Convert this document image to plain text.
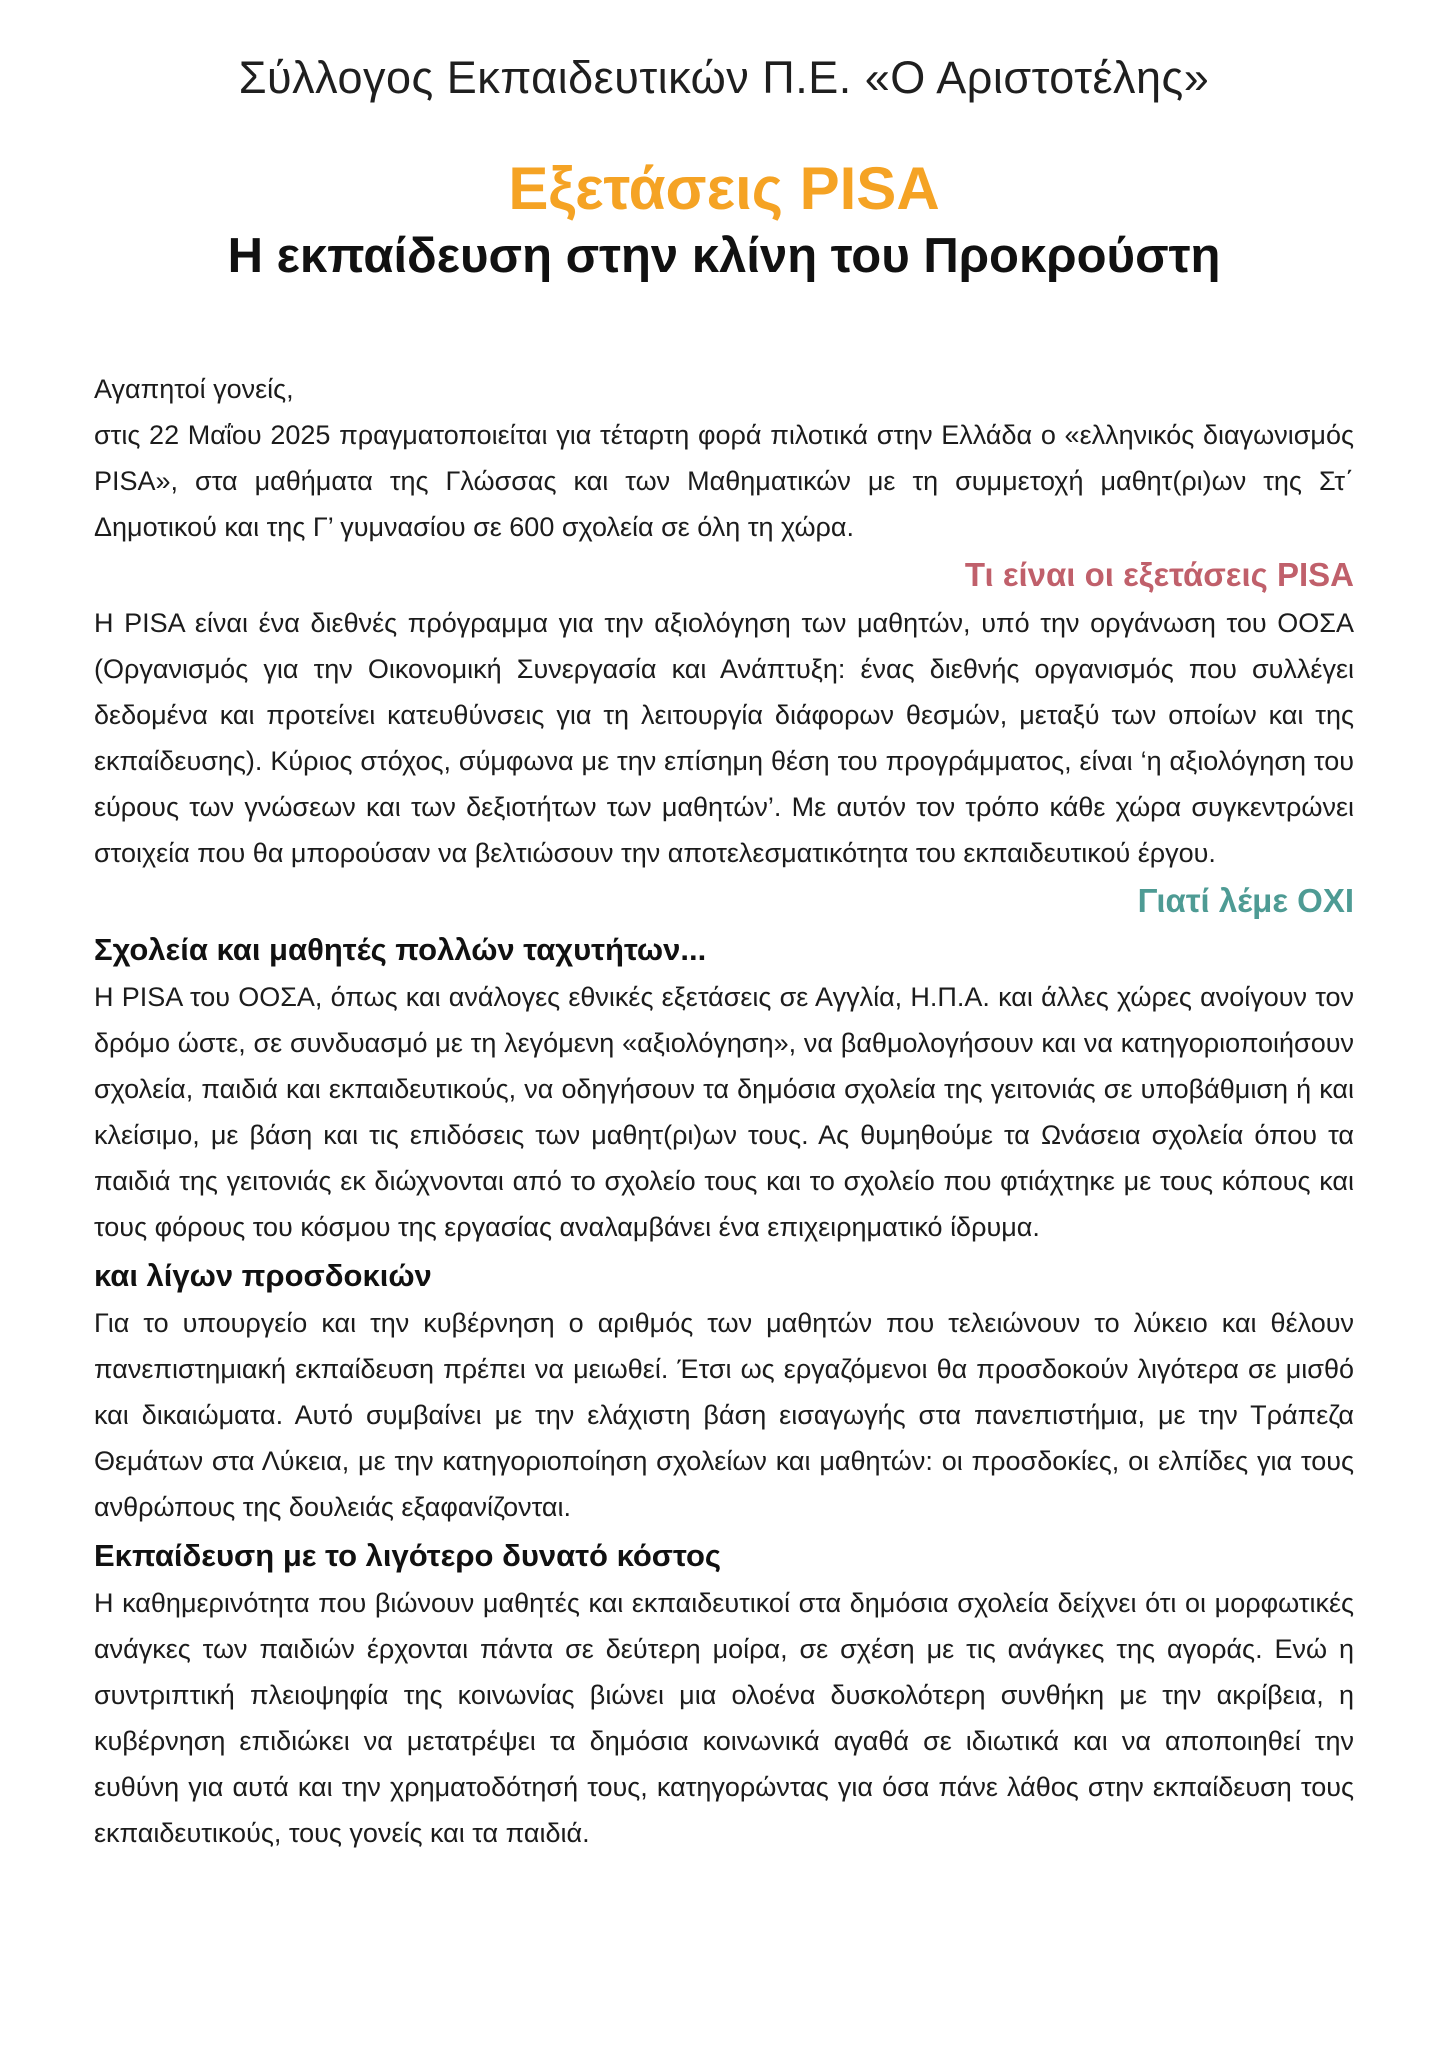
Σύλλογος Εκπαιδευτικών Π.Ε. «Ο Αριστοτέλης»
Εξετάσεις PISA
Η εκπαίδευση στην κλίνη του Προκρούστη

Αγαπητοί γονείς,

στις 22 Μαΐου 2025 πραγματοποιείται για τέταρτη φορά πιλοτικά στην Ελλάδα ο «ελληνικός διαγωνισμός PISA», στα μαθήματα της Γλώσσας και των Μαθηματικών με τη συμμετοχή μαθητ(ρι)ων της Στ΄ Δημοτικού και της Γ’ γυμνασίου σε 600 σχολεία σε όλη τη χώρα.

Τι είναι οι εξετάσεις PISA

Η PISA είναι ένα διεθνές πρόγραμμα για την αξιολόγηση των μαθητών, υπό την οργάνωση του ΟΟΣΑ (Οργανισμός για την Οικονομική Συνεργασία και Ανάπτυξη: ένας διεθνής οργανισμός που συλλέγει δεδομένα και προτείνει κατευθύνσεις για τη λειτουργία διάφορων θεσμών, μεταξύ των οποίων και της εκπαίδευσης). Κύριος στόχος, σύμφωνα με την επίσημη θέση του προγράμματος, είναι ‘η αξιολόγηση του εύρους των γνώσεων και των δεξιοτήτων των μαθητών’. Με αυτόν τον τρόπο κάθε χώρα συγκεντρώνει στοιχεία που θα μπορούσαν να βελτιώσουν την αποτελεσματικότητα του εκπαιδευτικού έργου.

Γιατί λέμε ΟΧΙ
Σχολεία και μαθητές πολλών ταχυτήτων...

Η PISA του ΟΟΣΑ, όπως και ανάλογες εθνικές εξετάσεις σε Αγγλία, Η.Π.Α. και άλλες χώρες ανοίγουν τον δρόμο ώστε, σε συνδυασμό με τη λεγόμενη «αξιολόγηση», να βαθμολογήσουν και να κατηγοριοποιήσουν σχολεία, παιδιά και εκπαιδευτικούς, να οδηγήσουν τα δημόσια σχολεία της γειτονιάς σε υποβάθμιση ή και κλείσιμο, με βάση και τις επιδόσεις των μαθητ(ρι)ων τους. Ας θυμηθούμε τα Ωνάσεια σχολεία όπου τα παιδιά της γειτονιάς εκ διώχνονται από το σχολείο τους και το σχολείο που φτιάχτηκε με τους κόπους και τους φόρους του κόσμου της εργασίας αναλαμβάνει ένα επιχειρηματικό ίδρυμα.

και λίγων προσδοκιών

Για το υπουργείο και την κυβέρνηση ο αριθμός των μαθητών που τελειώνουν το λύκειο και θέλουν πανεπιστημιακή εκπαίδευση πρέπει να μειωθεί. Έτσι ως εργαζόμενοι θα προσδοκούν λιγότερα σε μισθό και δικαιώματα. Αυτό συμβαίνει με την ελάχιστη βάση εισαγωγής στα πανεπιστήμια, με την Τράπεζα Θεμάτων στα Λύκεια, με την κατηγοριοποίηση σχολείων και μαθητών: οι προσδοκίες, οι ελπίδες για τους ανθρώπους της δουλειάς εξαφανίζονται.

Εκπαίδευση με το λιγότερο δυνατό κόστος

Η καθημερινότητα που βιώνουν μαθητές και εκπαιδευτικοί στα δημόσια σχολεία δείχνει ότι οι μορφωτικές ανάγκες των παιδιών έρχονται πάντα σε δεύτερη μοίρα, σε σχέση με τις ανάγκες της αγοράς. Ενώ η συντριπτική πλειοψηφία της κοινωνίας βιώνει μια ολοένα δυσκολότερη συνθήκη με την ακρίβεια, η κυβέρνηση επιδιώκει να μετατρέψει τα δημόσια κοινωνικά αγαθά σε ιδιωτικά και να αποποιηθεί την ευθύνη για αυτά και την χρηματοδότησή τους, κατηγορώντας για όσα πάνε λάθος στην εκπαίδευση τους εκπαιδευτικούς, τους γονείς και τα παιδιά.
